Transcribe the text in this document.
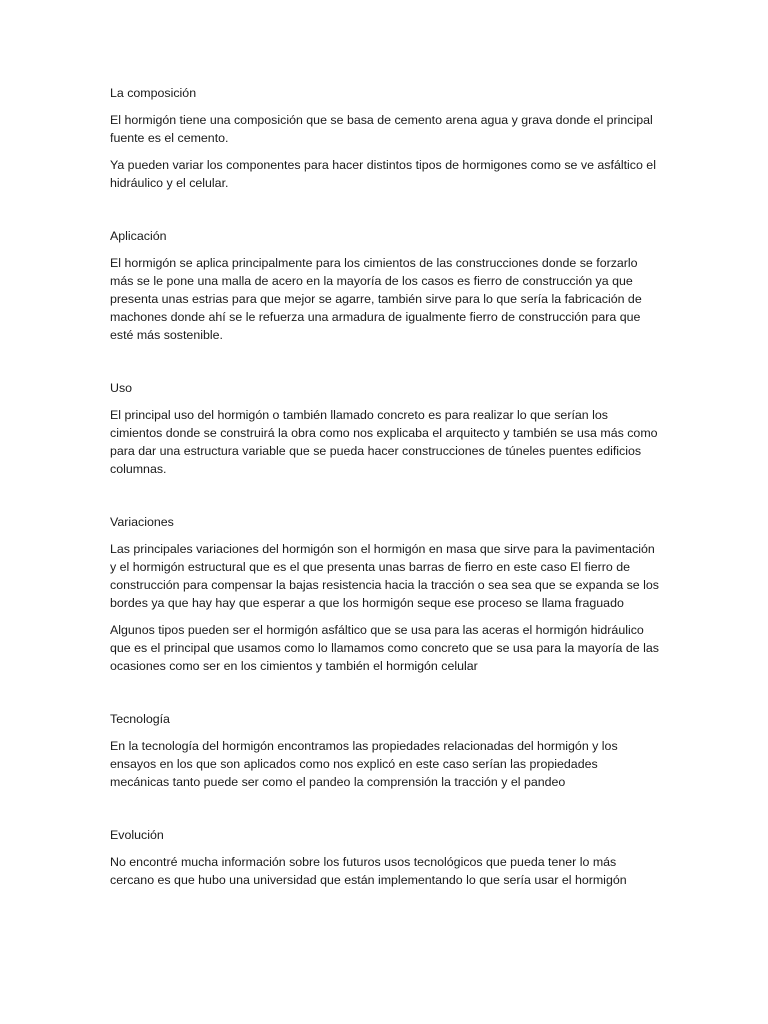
La composición

El hormigón tiene una composición que se basa de cemento arena agua y grava donde el principal fuente es el cemento.

Ya pueden variar los componentes para hacer distintos tipos de hormigones como se ve asfáltico el hidráulico y el celular.

Aplicación

El hormigón se aplica principalmente para los cimientos de las construcciones donde se forzarlo más se le pone una malla de acero en la mayoría de los casos es fierro de construcción ya que presenta unas estrias para que mejor se agarre, también sirve para lo que sería la fabricación de machones donde ahí se le refuerza una armadura de igualmente fierro de construcción para que esté más sostenible.

Uso

El principal uso del hormigón o también llamado concreto es para realizar lo que serían los cimientos donde se construirá la obra como nos explicaba el arquitecto y también se usa más como para dar una estructura variable que se pueda hacer construcciones de túneles puentes edificios columnas.

Variaciones

Las principales variaciones del hormigón son el hormigón en masa que sirve para la pavimentación y el hormigón estructural que es el que presenta unas barras de fierro en este caso El fierro de construcción para compensar la bajas resistencia hacia la tracción o sea sea que se expanda se los bordes ya que hay hay que esperar a que los hormigón seque ese proceso se llama fraguado

Algunos tipos pueden ser el hormigón asfáltico que se usa para las aceras el hormigón hidráulico que es el principal que usamos como lo llamamos como concreto que se usa para la mayoría de las ocasiones como ser en los cimientos y también el hormigón celular

Tecnología

En la tecnología del hormigón encontramos las propiedades relacionadas del hormigón y los ensayos en los que son aplicados como nos explicó en este caso serían las propiedades mecánicas tanto puede ser como el pandeo la comprensión la tracción y el pandeo

Evolución

No encontré mucha información sobre los futuros usos tecnológicos que pueda tener lo más cercano es que hubo una universidad que están implementando lo que sería usar el hormigón
